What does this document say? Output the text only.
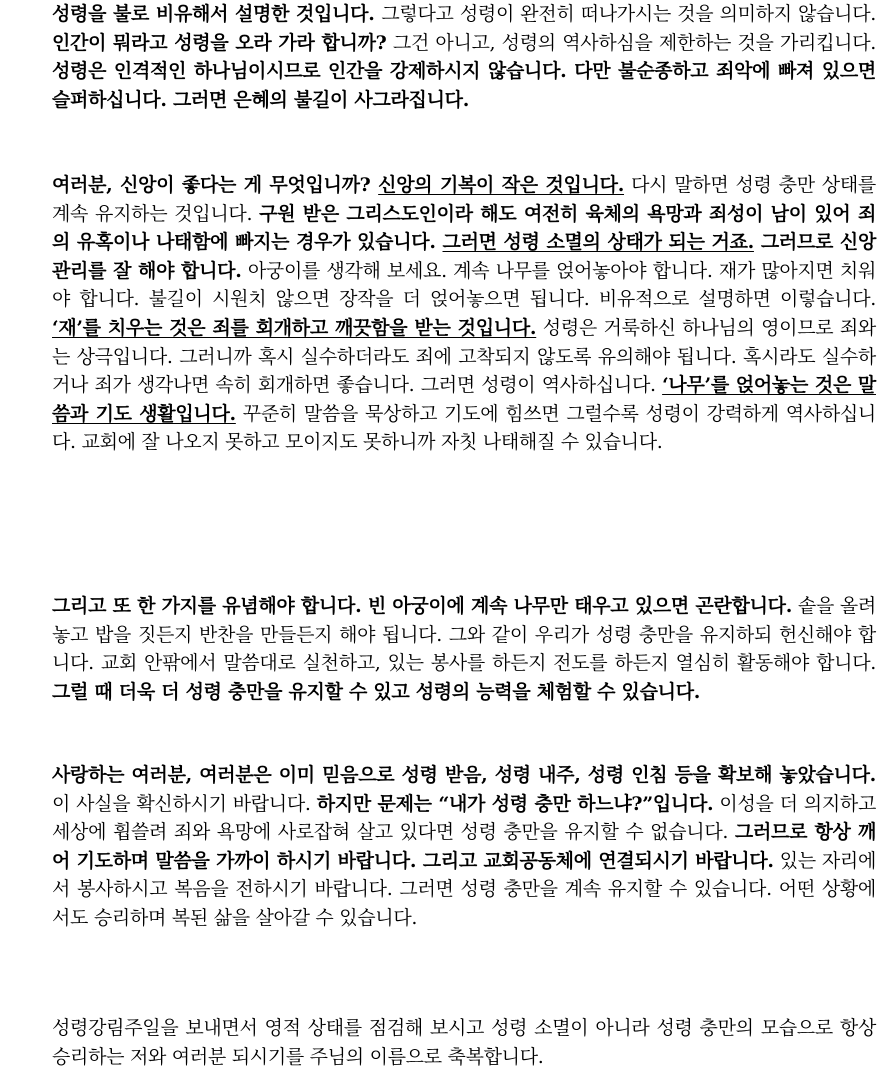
성령을 불로 비유해서 설명한 것입니다. 그렇다고 성령이 완전히 떠나가시는 것을 의미하지 않습니다. 인간이 뭐라고 성령을 오라 가라 합니까? 그건 아니고, 성령의 역사하심을 제한하는 것을 가리킵니다. 성령은 인격적인 하나님이시므로 인간을 강제하시지 않습니다. 다만 불순종하고 죄악에 빠져 있으면 슬퍼하십니다. 그러면 은혜의 불길이 사그라집니다.

여러분, 신앙이 좋다는 게 무엇입니까? 신앙의 기복이 작은 것입니다. 다시 말하면 성령 충만 상태를 계속 유지하는 것입니다. 구원 받은 그리스도인이라 해도 여전히 육체의 욕망과 죄성이 남이 있어 죄의 유혹이나 나태함에 빠지는 경우가 있습니다. 그러면 성령 소멸의 상태가 되는 거죠. 그러므로 신앙 관리를 잘 해야 합니다. 아궁이를 생각해 보세요. 계속 나무를 얹어놓아야 합니다. 재가 많아지면 치워야 합니다. 불길이 시원치 않으면 장작을 더 얹어놓으면 됩니다. 비유적으로 설명하면 이렇습니다. ‘재’를 치우는 것은 죄를 회개하고 깨끗함을 받는 것입니다. 성령은 거룩하신 하나님의 영이므로 죄와는 상극입니다. 그러니까 혹시 실수하더라도 죄에 고착되지 않도록 유의해야 됩니다. 혹시라도 실수하거나 죄가 생각나면 속히 회개하면 좋습니다. 그러면 성령이 역사하십니다. ‘나무’를 얹어놓는 것은 말씀과 기도 생활입니다. 꾸준히 말씀을 묵상하고 기도에 힘쓰면 그럴수록 성령이 강력하게 역사하십니다. 교회에 잘 나오지 못하고 모이지도 못하니까 자칫 나태해질 수 있습니다.

그리고 또 한 가지를 유념해야 합니다. 빈 아궁이에 계속 나무만 태우고 있으면 곤란합니다. 솥을 올려놓고 밥을 짓든지 반찬을 만들든지 해야 됩니다. 그와 같이 우리가 성령 충만을 유지하되 헌신해야 합니다. 교회 안팎에서 말씀대로 실천하고, 있는 봉사를 하든지 전도를 하든지 열심히 활동해야 합니다. 그럴 때 더욱 더 성령 충만을 유지할 수 있고 성령의 능력을 체험할 수 있습니다.

사랑하는 여러분, 여러분은 이미 믿음으로 성령 받음, 성령 내주, 성령 인침 등을 확보해 놓았습니다. 이 사실을 확신하시기 바랍니다. 하지만 문제는 “내가 성령 충만 하느냐?”입니다. 이성을 더 의지하고 세상에 휩쓸려 죄와 욕망에 사로잡혀 살고 있다면 성령 충만을 유지할 수 없습니다. 그러므로 항상 깨어 기도하며 말씀을 가까이 하시기 바랍니다. 그리고 교회공동체에 연결되시기 바랍니다. 있는 자리에서 봉사하시고 복음을 전하시기 바랍니다. 그러면 성령 충만을 계속 유지할 수 있습니다. 어떤 상황에서도 승리하며 복된 삶을 살아갈 수 있습니다.

성령강림주일을 보내면서 영적 상태를 점검해 보시고 성령 소멸이 아니라 성령 충만의 모습으로 항상 승리하는 저와 여러분 되시기를 주님의 이름으로 축복합니다.
